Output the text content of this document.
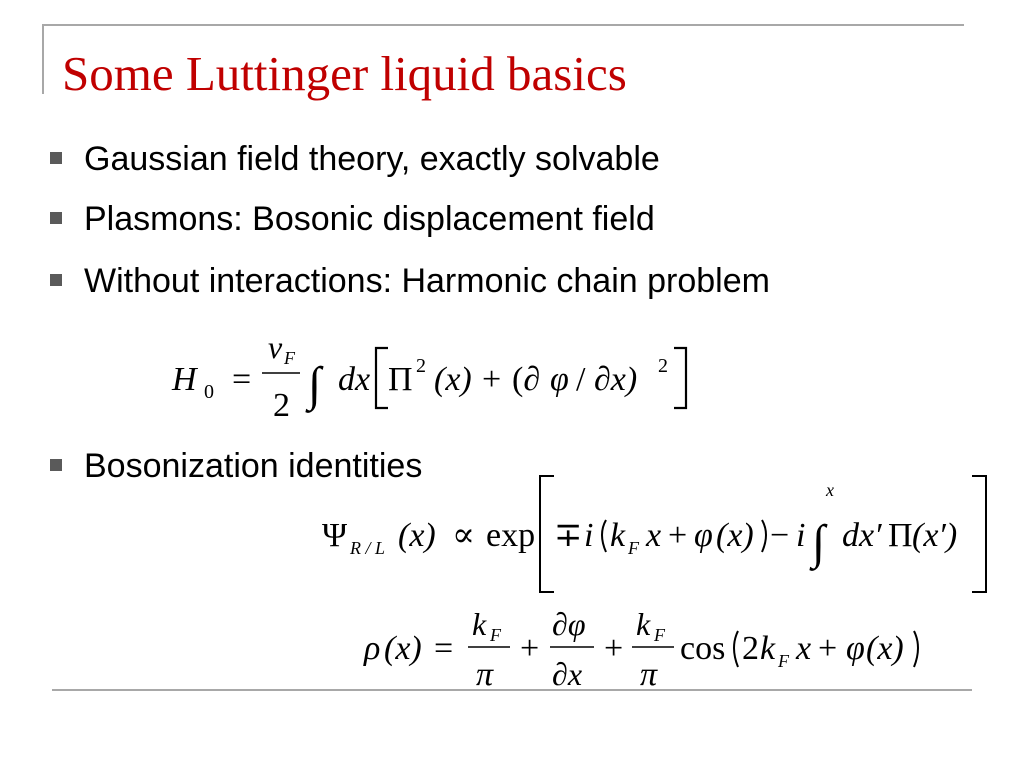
Some Luttinger liquid basics
Gaussian field theory, exactly solvable
Plasmons: Bosonic displacement field
Without interactions: Harmonic chain problem
Bosonization identities
H 0 =
v F
2 ∫ dx Π 2 (x) + (∂ φ / ∂x) 2
Ψ R / L (x) ∝ exp ∓ i k F x + φ (x) − i
x
∫ dx′ Π (x′)
ρ (x) =
k F
π
+
∂φ
∂x
+
k F
π
cos 2 k F x + φ (x)
